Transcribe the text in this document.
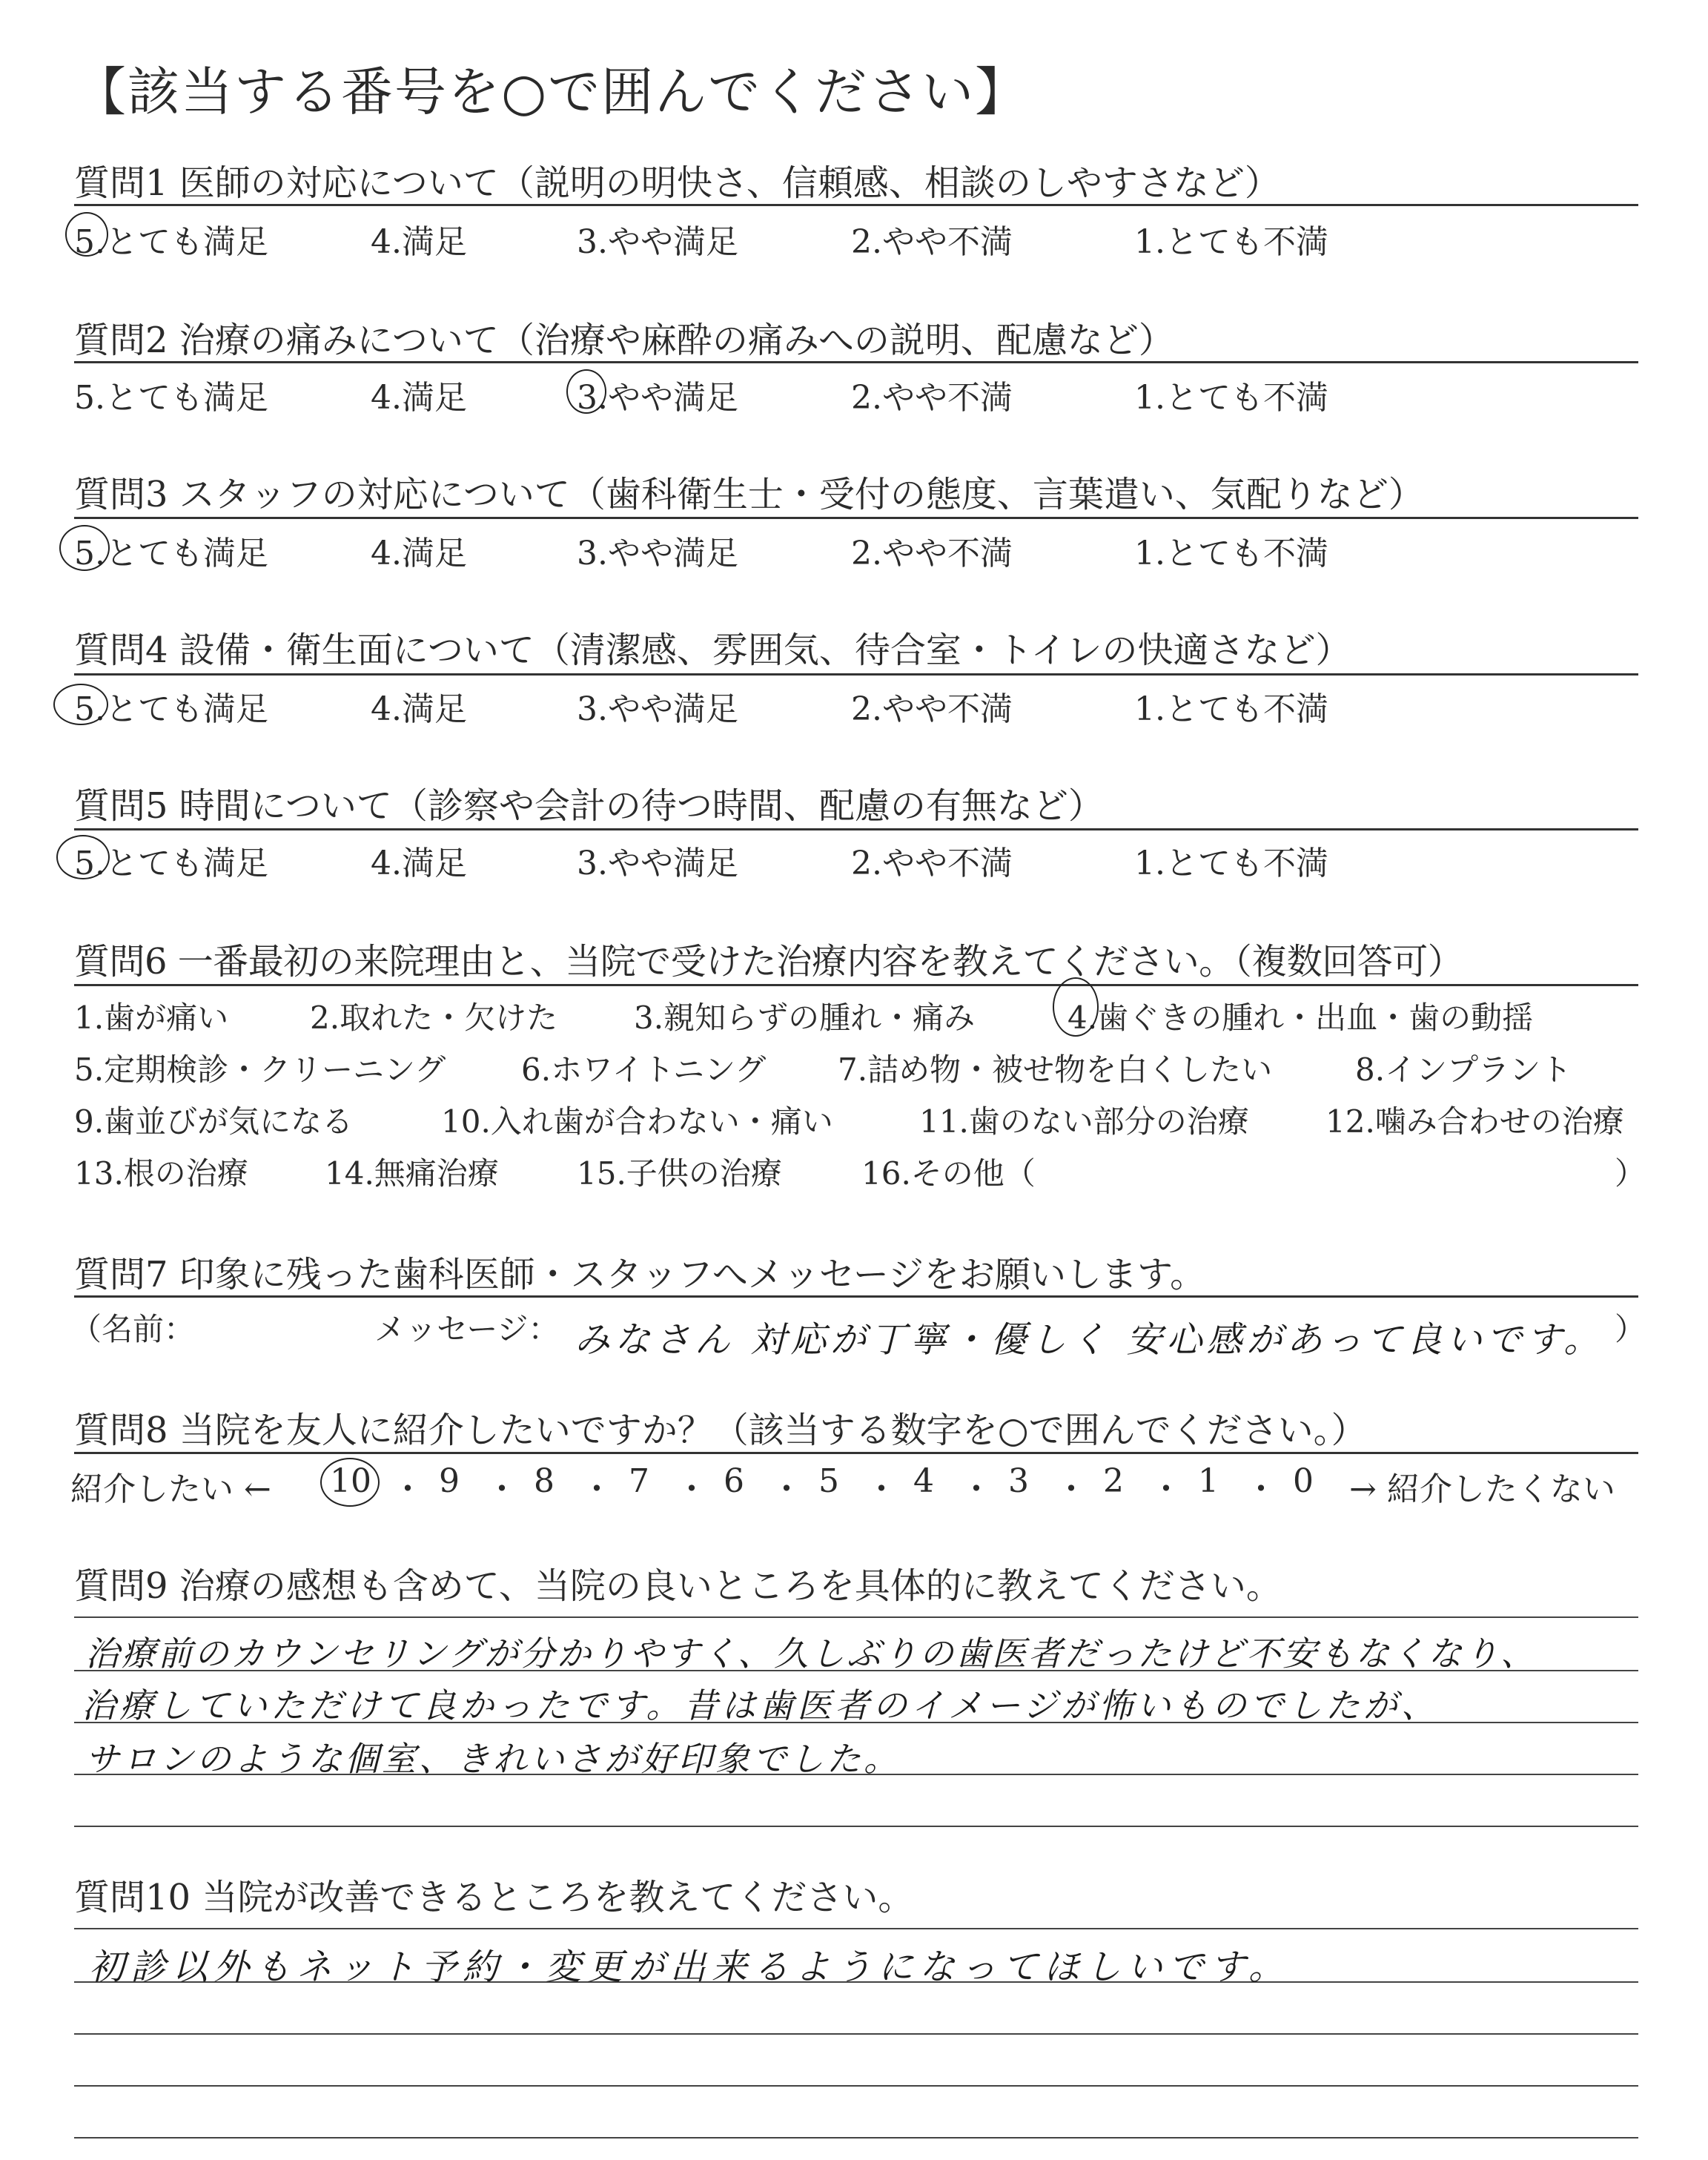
【該当する番号を○で囲んでください】
質問1 医師の対応について（説明の明快さ、信頼感、相談のしやすさなど）
5.とても満足	4.満足	3.やや満足	2.やや不満	1.とても不満
質問2 治療の痛みについて（治療や麻酔の痛みへの説明、配慮など）
5.とても満足	4.満足	3.やや満足	2.やや不満	1.とても不満
質問3 スタッフの対応について（歯科衛生士・受付の態度、言葉遣い、気配りなど）
5.とても満足	4.満足	3.やや満足	2.やや不満	1.とても不満
質問4 設備・衛生面について（清潔感、雰囲気、待合室・トイレの快適さなど）
5.とても満足	4.満足	3.やや満足	2.やや不満	1.とても不満
質問5 時間について（診察や会計の待つ時間、配慮の有無など）
5.とても満足	4.満足	3.やや満足	2.やや不満	1.とても不満
質問6 一番最初の来院理由と、当院で受けた治療内容を教えてください。（複数回答可）
1.歯が痛い	2.取れた・欠けた 3.親知らずの腫れ・痛み	4.歯ぐきの腫れ・出血・歯の動揺
5.定期検診・クリーニング 6.ホワイトニング 7.詰め物・被せ物を白くしたい	8.インプラント
9.歯並びが気になる	10.入れ歯が合わない・痛い	11.歯のない部分の治療 12.噛み合わせの治療
13.根の治療 14.無痛治療	15.子供の治療	16.その他（	）
質問7 印象に残った歯科医師・スタッフへメッセージをお願いします。
（名前：	メッセージ： みなさん 対応が丁寧・優しく 安心感があって良いです。 ）
質問8 当院を友人に紹介したいですか？（該当する数字を○で囲んでください。）
紹介したい ←	→ 紹介したくない
10 ・ 9 ・ 8 ・ 7 ・ 6 ・ 5 ・ 4 ・ 3 ・ 2 ・ 1 ・ 0
質問9 治療の感想も含めて、当院の良いところを具体的に教えてください。
治療前のカウンセリングが分かりやすく、久しぶりの歯医者だったけど不安もなくなり、
治療していただけて良かったです。昔は歯医者のイメージが怖いものでしたが、
サロンのような個室、きれいさが好印象でした。
質問10 当院が改善できるところを教えてください。
初診以外もネット予約・変更が出来るようになってほしいです。
